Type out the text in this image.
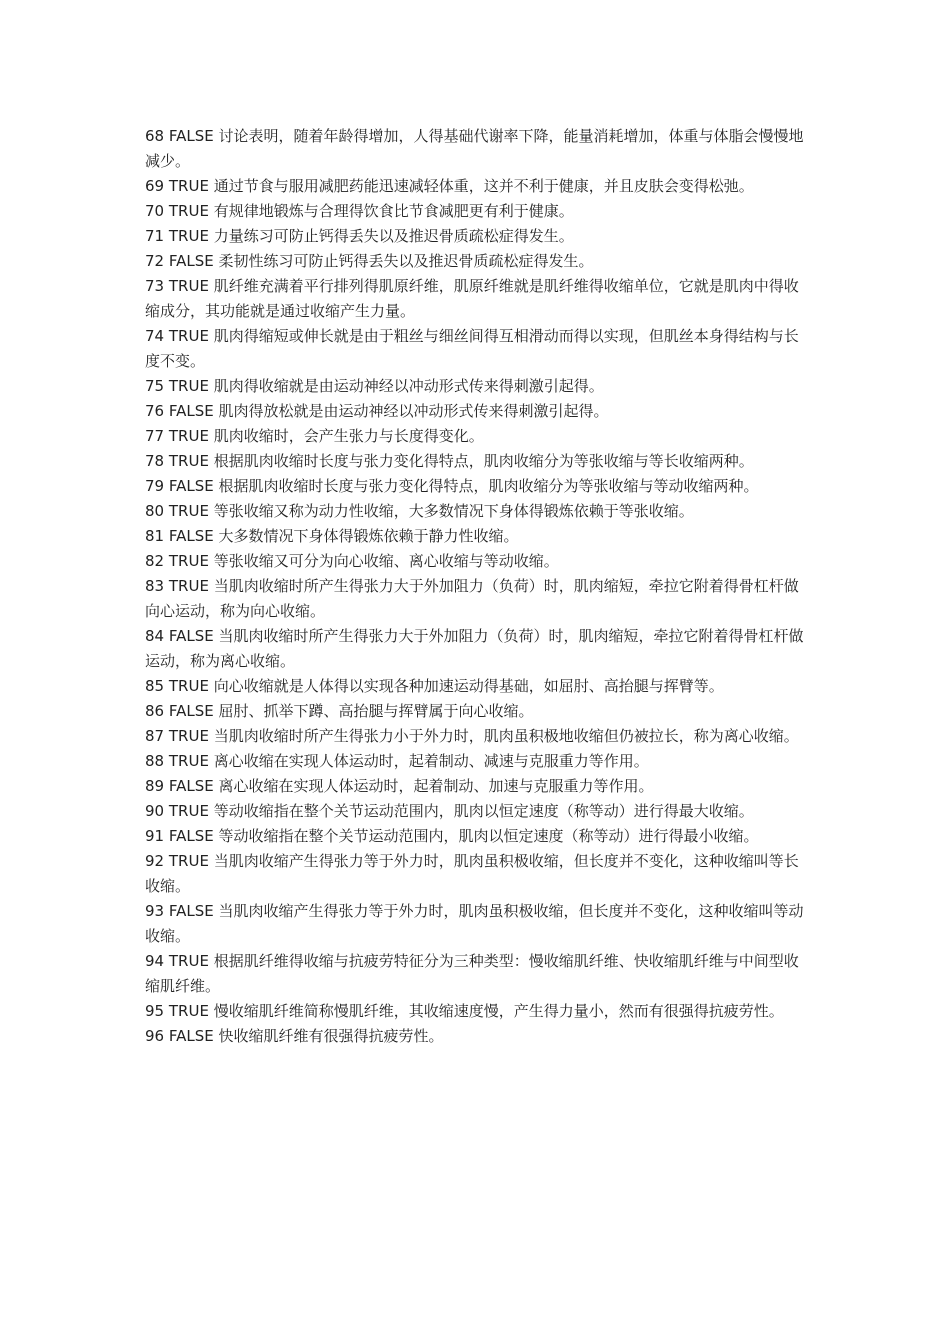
68 FALSE 讨论表明，随着年龄得增加，人得基础代谢率下降，能量消耗增加，体重与体脂会慢慢地减少。

69 TRUE 通过节食与服用减肥药能迅速减轻体重，这并不利于健康，并且皮肤会变得松弛。

70 TRUE 有规律地锻炼与合理得饮食比节食减肥更有利于健康。

71 TRUE 力量练习可防止钙得丢失以及推迟骨质疏松症得发生。

72 FALSE 柔韧性练习可防止钙得丢失以及推迟骨质疏松症得发生。

73 TRUE 肌纤维充满着平行排列得肌原纤维，肌原纤维就是肌纤维得收缩单位，它就是肌肉中得收缩成分，其功能就是通过收缩产生力量。

74 TRUE 肌肉得缩短或伸长就是由于粗丝与细丝间得互相滑动而得以实现，但肌丝本身得结构与长度不变。

75 TRUE 肌肉得收缩就是由运动神经以冲动形式传来得刺激引起得。

76 FALSE 肌肉得放松就是由运动神经以冲动形式传来得刺激引起得。

77 TRUE 肌肉收缩时，会产生张力与长度得变化。

78 TRUE 根据肌肉收缩时长度与张力变化得特点，肌肉收缩分为等张收缩与等长收缩两种。

79 FALSE 根据肌肉收缩时长度与张力变化得特点，肌肉收缩分为等张收缩与等动收缩两种。

80 TRUE 等张收缩又称为动力性收缩，大多数情况下身体得锻炼依赖于等张收缩。

81 FALSE 大多数情况下身体得锻炼依赖于静力性收缩。

82 TRUE 等张收缩又可分为向心收缩、离心收缩与等动收缩。

83 TRUE 当肌肉收缩时所产生得张力大于外加阻力（负荷）时，肌肉缩短，牵拉它附着得骨杠杆做向心运动，称为向心收缩。

84 FALSE 当肌肉收缩时所产生得张力大于外加阻力（负荷）时，肌肉缩短，牵拉它附着得骨杠杆做运动，称为离心收缩。

85 TRUE 向心收缩就是人体得以实现各种加速运动得基础，如屈肘、高抬腿与挥臂等。

86 FALSE 屈肘、抓举下蹲、高抬腿与挥臂属于向心收缩。

87 TRUE 当肌肉收缩时所产生得张力小于外力时，肌肉虽积极地收缩但仍被拉长，称为离心收缩。

88 TRUE 离心收缩在实现人体运动时，起着制动、减速与克服重力等作用。

89 FALSE 离心收缩在实现人体运动时，起着制动、加速与克服重力等作用。

90 TRUE 等动收缩指在整个关节运动范围内，肌肉以恒定速度（称等动）进行得最大收缩。

91 FALSE 等动收缩指在整个关节运动范围内，肌肉以恒定速度（称等动）进行得最小收缩。

92 TRUE 当肌肉收缩产生得张力等于外力时，肌肉虽积极收缩，但长度并不变化，这种收缩叫等长收缩。

93 FALSE 当肌肉收缩产生得张力等于外力时，肌肉虽积极收缩，但长度并不变化，这种收缩叫等动收缩。

94 TRUE 根据肌纤维得收缩与抗疲劳特征分为三种类型：慢收缩肌纤维、快收缩肌纤维与中间型收缩肌纤维。

95 TRUE 慢收缩肌纤维简称慢肌纤维，其收缩速度慢，产生得力量小，然而有很强得抗疲劳性。

96 FALSE 快收缩肌纤维有很强得抗疲劳性。
